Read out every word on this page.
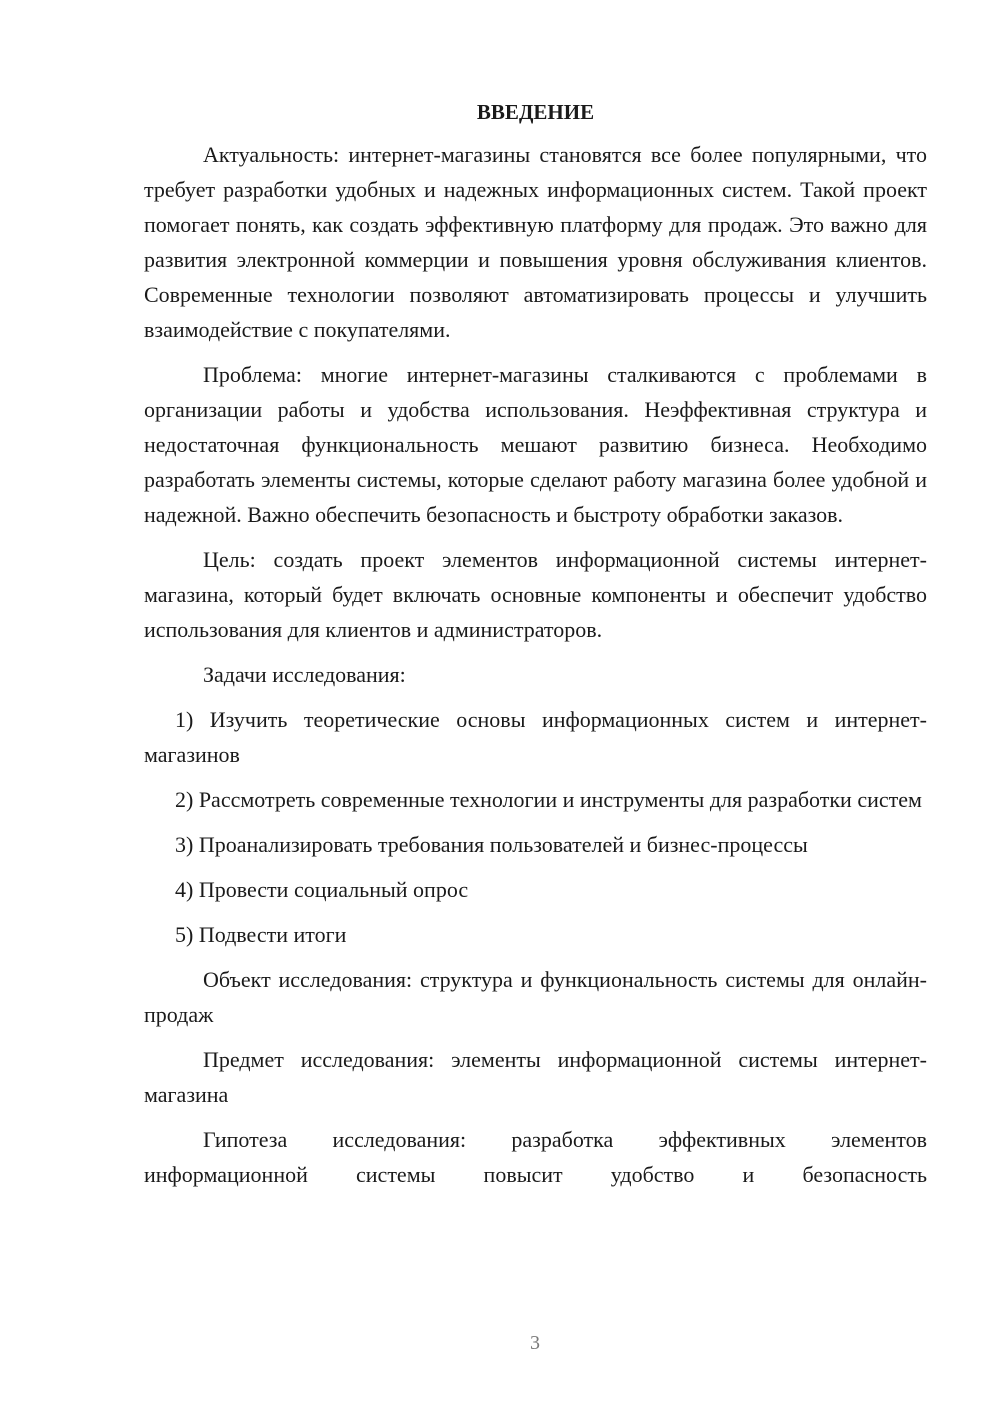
ВВЕДЕНИЕ

Актуальность: интернет-магазины становятся все более популярными, что требует разработки удобных и надежных информационных систем. Такой проект помогает понять, как создать эффективную платформу для продаж. Это важно для развития электронной коммерции и повышения уровня обслуживания клиентов. Современные технологии позволяют автоматизировать процессы и улучшить взаимодействие с покупателями.

Проблема: многие интернет-магазины сталкиваются с проблемами в организации работы и удобства использования. Неэффективная структура и недостаточная функциональность мешают развитию бизнеса. Необходимо разработать элементы системы, которые сделают работу магазина более удобной и надежной. Важно обеспечить безопасность и быстроту обработки заказов.

Цель: создать проект элементов информационной системы интернет-магазина, который будет включать основные компоненты и обеспечит удобство использования для клиентов и администраторов.

Задачи исследования:

1) Изучить теоретические основы информационных систем и интернет-магазинов

2) Рассмотреть современные технологии и инструменты для разработки систем

3) Проанализировать требования пользователей и бизнес-процессы

4) Провести социальный опрос

5) Подвести итоги

Объект исследования: структура и функциональность системы для онлайн-продаж

Предмет исследования: элементы информационной системы интернет-магазина

Гипотеза исследования: разработка эффективных элементов информационной системы повысит удобство и безопасность

3
